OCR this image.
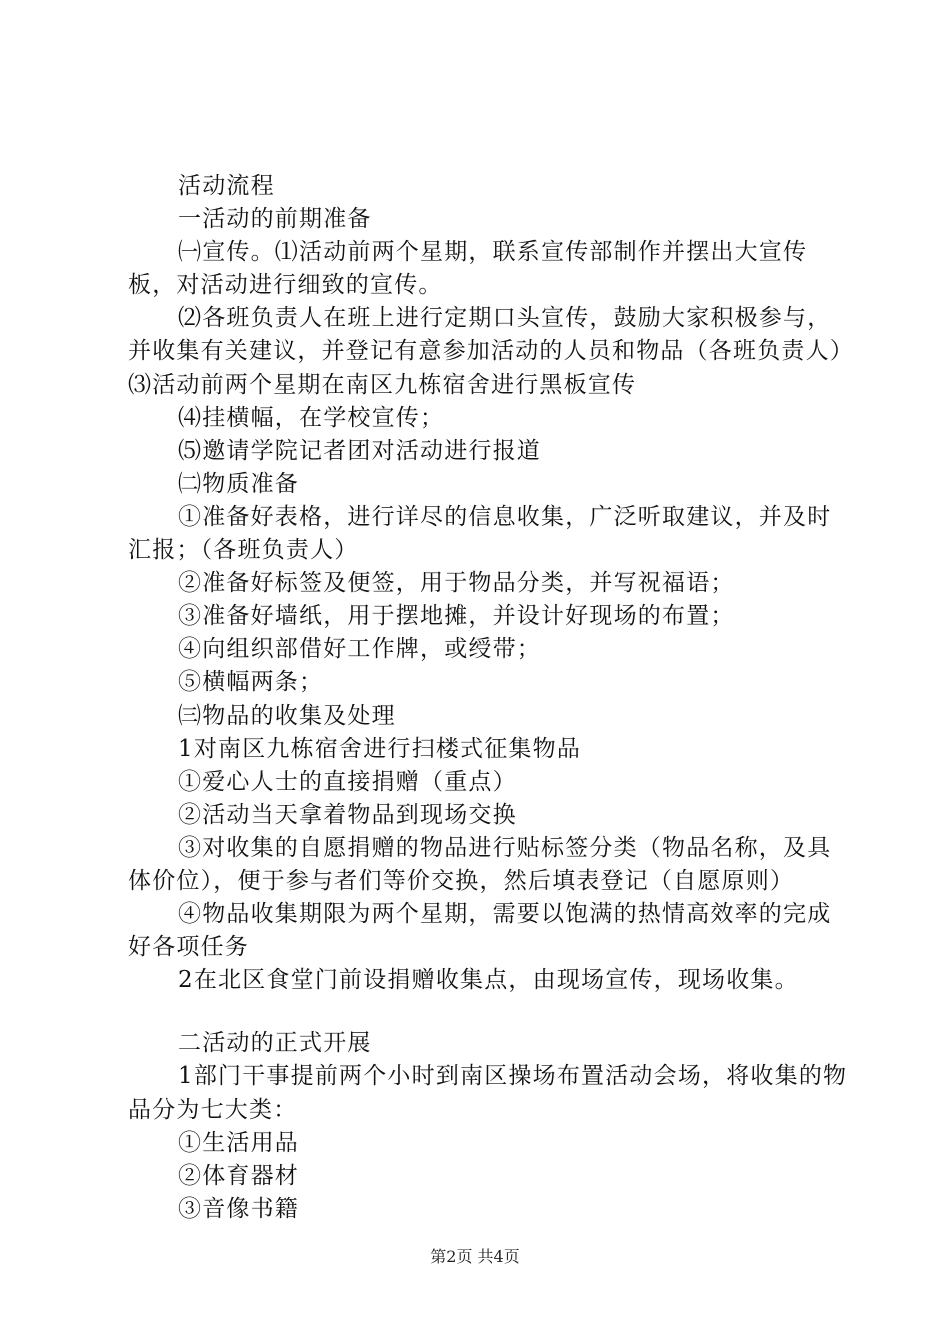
活动流程

一活动的前期准备

㈠宣传。⑴活动前两个星期，联系宣传部制作并摆出大宣传板，对活动进行细致的宣传。

⑵各班负责人在班上进行定期口头宣传，鼓励大家积极参与，并收集有关建议，并登记有意参加活动的人员和物品（各班负责人）⑶活动前两个星期在南区九栋宿舍进行黑板宣传

⑷挂横幅，在学校宣传；

⑸邀请学院记者团对活动进行报道

㈡物质准备

①准备好表格，进行详尽的信息收集，广泛听取建议，并及时汇报；（各班负责人）

②准备好标签及便签，用于物品分类，并写祝福语；

③准备好墙纸，用于摆地摊，并设计好现场的布置；

④向组织部借好工作牌，或绶带；

⑤横幅两条；

㈢物品的收集及处理

1对南区九栋宿舍进行扫楼式征集物品

①爱心人士的直接捐赠（重点）

②活动当天拿着物品到现场交换

③对收集的自愿捐赠的物品进行贴标签分类（物品名称，及具体价位），便于参与者们等价交换，然后填表登记（自愿原则）

④物品收集期限为两个星期，需要以饱满的热情高效率的完成好各项任务

2在北区食堂门前设捐赠收集点，由现场宣传，现场收集。

二活动的正式开展

1部门干事提前两个小时到南区操场布置活动会场，将收集的物品分为七大类：

①生活用品

②体育器材

③音像书籍

第2页 共4页
